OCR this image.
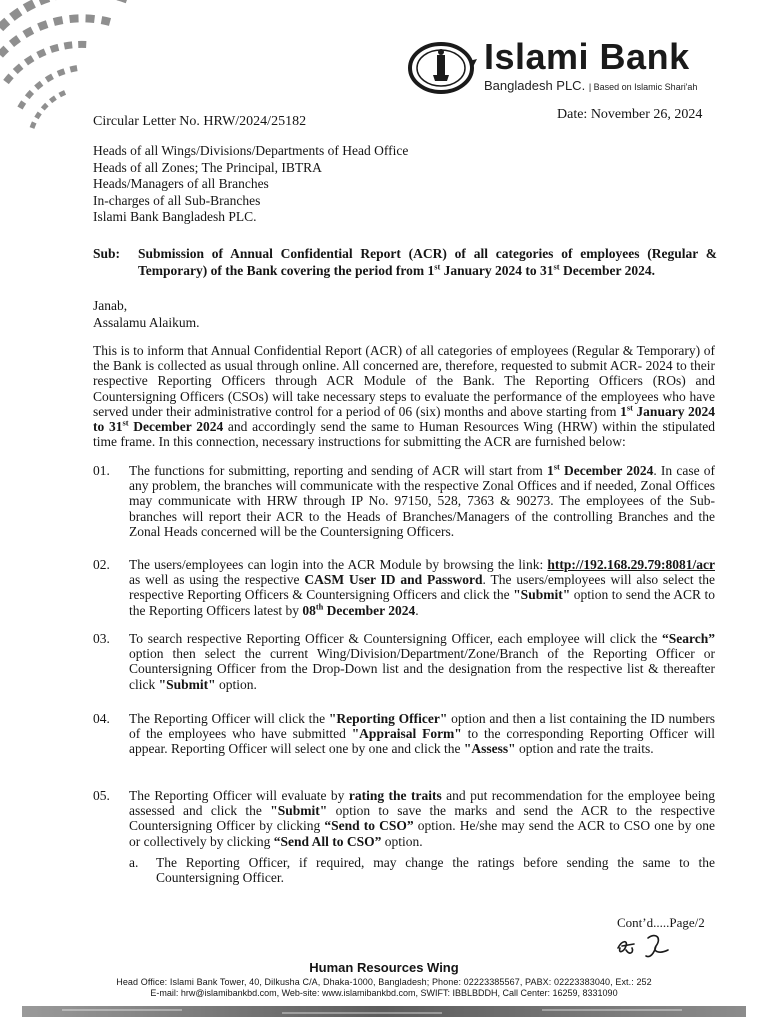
Islami Bank
Bangladesh PLC. | Based on Islamic Shari'ah
Circular Letter No. HRW/2024/25182	Date: November 26, 2024
Heads of all Wings/Divisions/Departments of Head Office
Heads of all Zones; The Principal, IBTRA
Heads/Managers of all Branches
In-charges of all Sub-Branches
Islami Bank Bangladesh PLC.
Sub: Submission of Annual Confidential Report (ACR) of all categories of employees (Regular & Temporary) of the Bank covering the period from 1st January 2024 to 31st December 2024.
Janab,
Assalamu Alaikum.
This is to inform that Annual Confidential Report (ACR) of all categories of employees (Regular & Temporary) of the Bank is collected as usual through online. All concerned are, therefore, requested to submit ACR- 2024 to their respective Reporting Officers through ACR Module of the Bank. The Reporting Officers (ROs) and Countersigning Officers (CSOs) will take necessary steps to evaluate the performance of the employees who have served under their administrative control for a period of 06 (six) months and above starting from 1st January 2024 to 31st December 2024 and accordingly send the same to Human Resources Wing (HRW) within the stipulated time frame. In this connection, necessary instructions for submitting the ACR are furnished below:
01. The functions for submitting, reporting and sending of ACR will start from 1st December 2024. In case of any problem, the branches will communicate with the respective Zonal Offices and if needed, Zonal Offices may communicate with HRW through IP No. 97150, 528, 7363 & 90273. The employees of the Sub-branches will report their ACR to the Heads of Branches/Managers of the controlling Branches and the Zonal Heads concerned will be the Countersigning Officers.
02. The users/employees can login into the ACR Module by browsing the link: http://192.168.29.79:8081/acr as well as using the respective CASM User ID and Password. The users/employees will also select the respective Reporting Officers & Countersigning Officers and click the "Submit" option to send the ACR to the Reporting Officers latest by 08th December 2024.
03. To search respective Reporting Officer & Countersigning Officer, each employee will click the “Search” option then select the current Wing/Division/Department/Zone/Branch of the Reporting Officer or Countersigning Officer from the Drop-Down list and the designation from the respective list & thereafter click "Submit" option.
04. The Reporting Officer will click the "Reporting Officer" option and then a list containing the ID numbers of the employees who have submitted "Appraisal Form" to the corresponding Reporting Officer will appear. Reporting Officer will select one by one and click the "Assess" option and rate the traits.
05. The Reporting Officer will evaluate by rating the traits and put recommendation for the employee being assessed and click the "Submit" option to save the marks and send the ACR to the respective Countersigning Officer by clicking “Send to CSO” option. He/she may send the ACR to CSO one by one or collectively by clicking “Send All to CSO” option.
a. The Reporting Officer, if required, may change the ratings before sending the same to the Countersigning Officer.
Cont’d.....Page/2
Human Resources Wing
Head Office: Islami Bank Tower, 40, Dilkusha C/A, Dhaka-1000, Bangladesh; Phone: 02223385567, PABX: 02223383040, Ext.: 252
E-mail: hrw@islamibankbd.com, Web-site: www.islamibankbd.com, SWIFT: IBBLBDDH, Call Center: 16259, 8331090
